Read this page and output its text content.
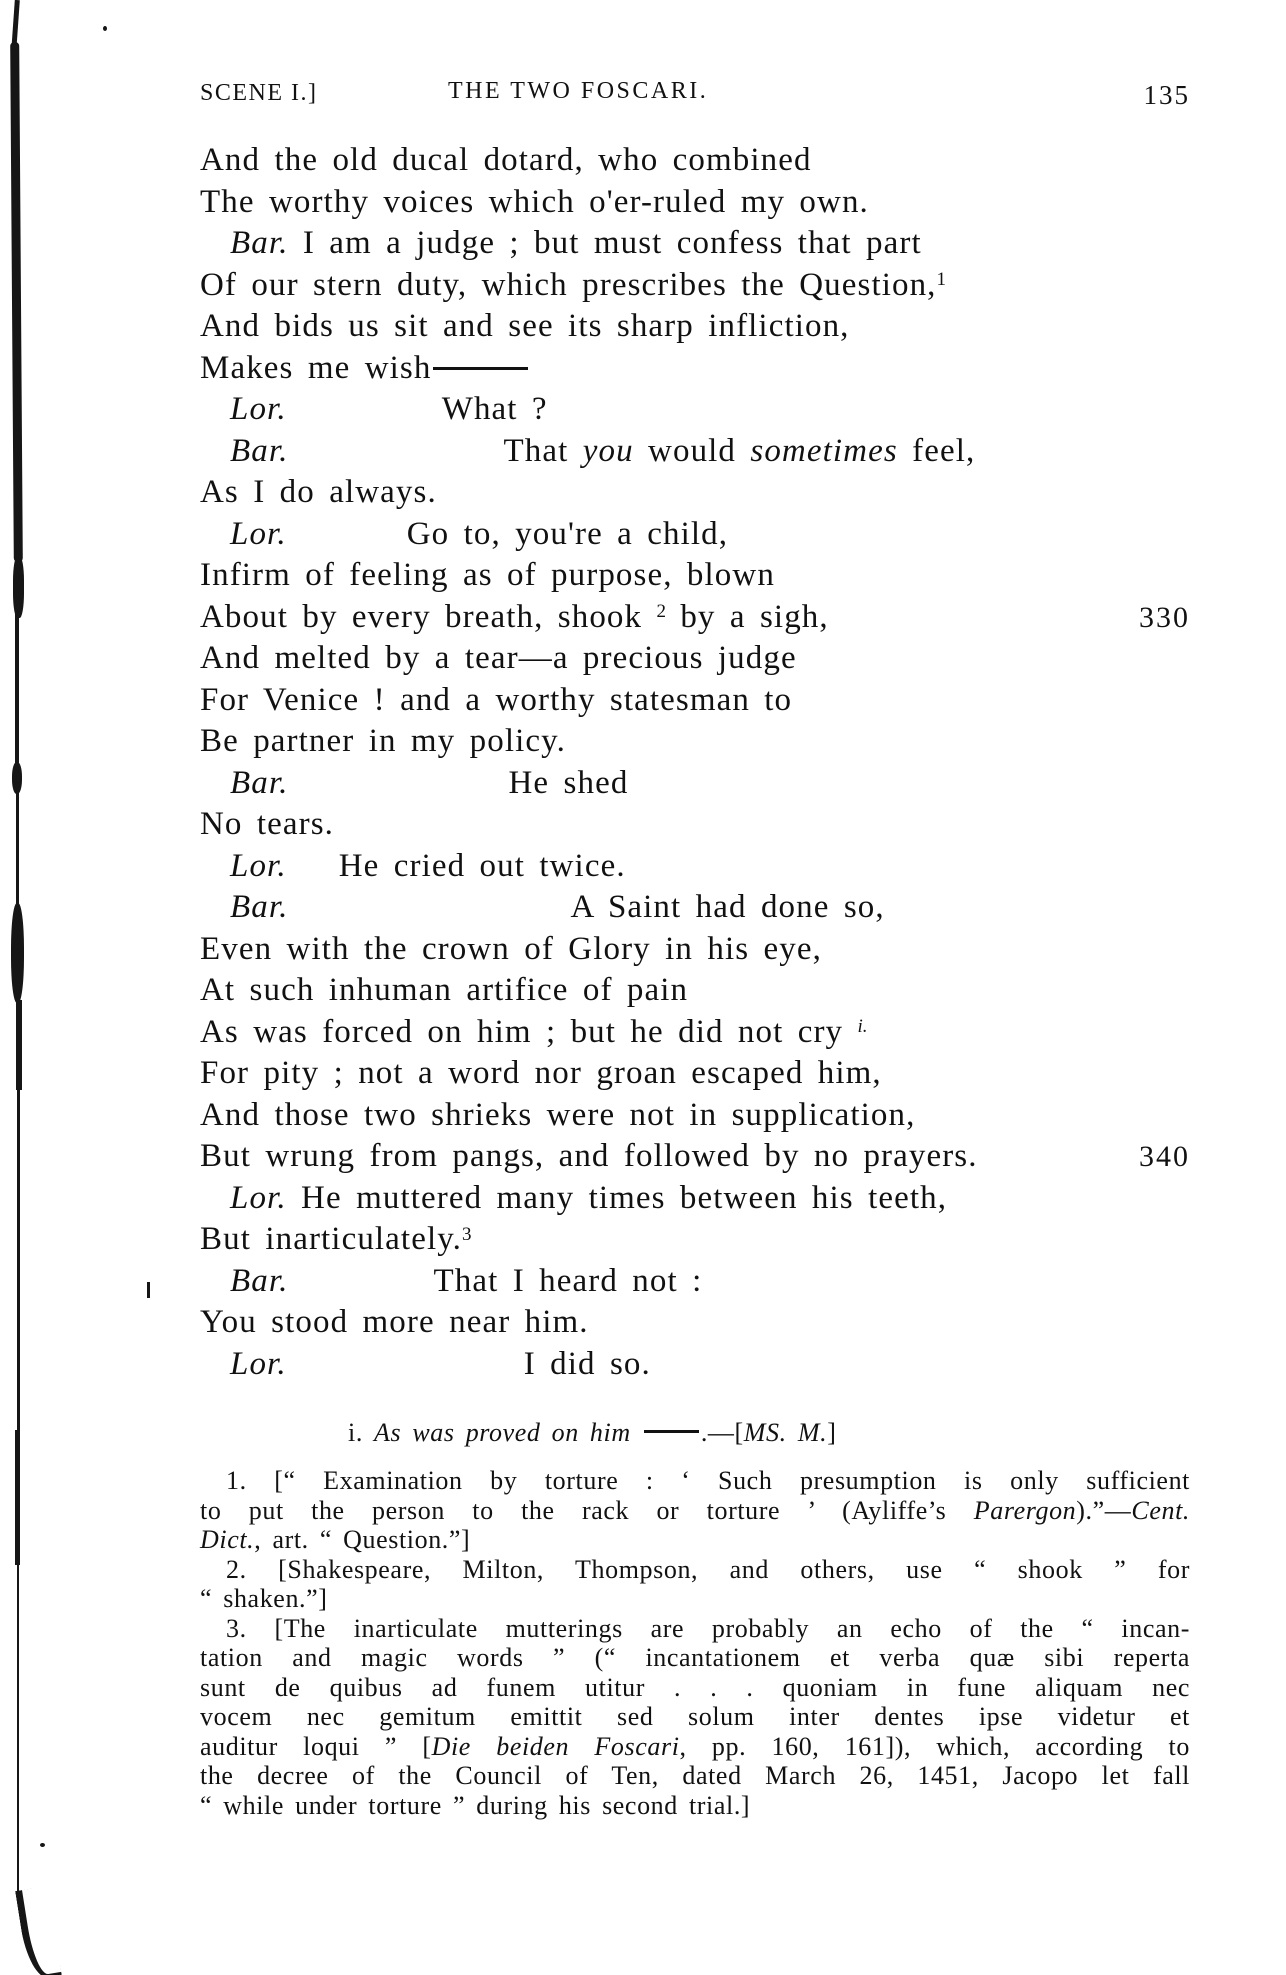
SCENE I.]	THE TWO FOSCARI.	135
And the old ducal dotard, who combined
The worthy voices which o'er-ruled my own.
Bar. I am a judge ; but must confess that part
Of our stern duty, which prescribes the Question,$^1$
And bids us sit and see its sharp infliction,
Makes me wish
Lor.	What ?
Bar.	That you would sometimes feel,
As I do always.
Lor.	Go to, you're a child,
Infirm of feeling as of purpose, blown
About by every breath, shook $^2$ by a sigh,	330
And melted by a tear—a precious judge
For Venice ! and a worthy statesman to
Be partner in my policy.
Bar.	He shed
No tears.
Lor. He cried out twice.
Bar.	A Saint had done so,
Even with the crown of Glory in his eye,
At such inhuman artifice of pain
As was forced on him ; but he did not cry $^{i.}$
For pity ; not a word nor groan escaped him,
And those two shrieks were not in supplication,
But wrung from pangs, and followed by no prayers.	340
Lor. He muttered many times between his teeth,
But inarticulately.$^3$
Bar.	That I heard not :
You stood more near him.
Lor.	I did so.
i. As was proved on him .—[MS. M.]
1. [“ Examination by torture : ‘ Such presumption is only sufficient
to put the person to the rack or torture ’ (Ayliffe’s Parergon).”—Cent.
Dict., art. “ Question.”]
2. [Shakespeare, Milton, Thompson, and others, use “ shook ” for
“ shaken.”]
3. [The inarticulate mutterings are probably an echo of the “ incan-
tation and magic words ” (“ incantationem et verba quæ sibi reperta
sunt de quibus ad funem utitur . . . quoniam in fune aliquam nec
vocem nec gemitum emittit sed solum inter dentes ipse videtur et
auditur loqui ” [Die beiden Foscari, pp. 160, 161]), which, according to
the decree of the Council of Ten, dated March 26, 1451, Jacopo let fall
“ while under torture ” during his second trial.]
